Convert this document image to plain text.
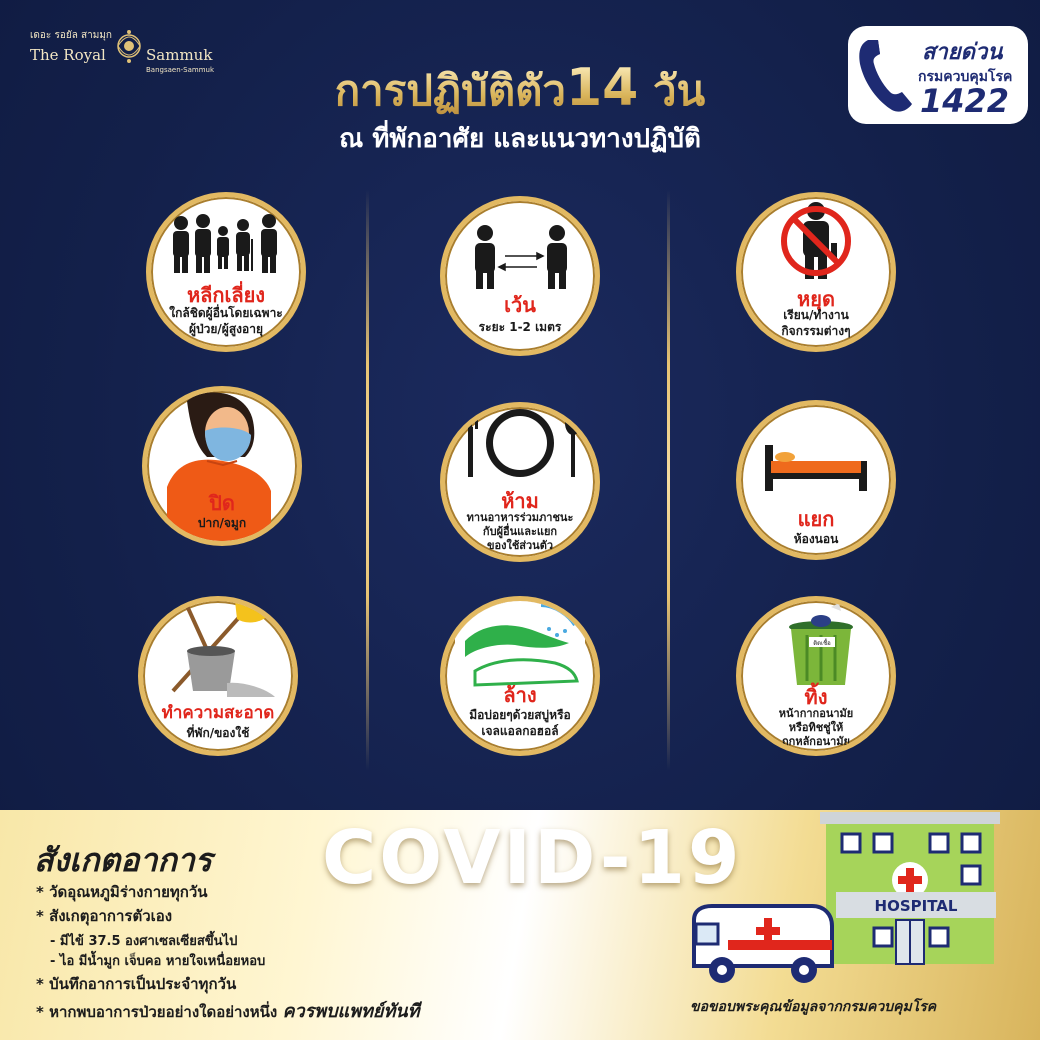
เดอะ รอยัล สามมุก
The Royal	Sammuk
Bangsaen-Sammuk	การปฏิบัติตัว14 วัน
ณ ที่พักอาศัย และแนวทางปฏิบัติ
สายด่วน
กรมควบคุมโรค
1422
หลีกเลี่ยง
ใกล้ชิดผู้อื่นโดยเฉพาะ
ผู้ป่วย/ผู้สูงอายุ
เว้น
ระยะ 1-2 เมตร
หยุด
เรียน/ทำงาน
กิจกรรมต่างๆ
ปิด
ปาก/จมูก
ห้าม
ทานอาหารร่วมภาชนะ
กับผู้อื่นและแยก
ของใช้ส่วนตัว
แยก
ห้องนอน
ทำความสะอาด
ที่พัก/ของใช้
ล้าง
มือบ่อยๆด้วยสบู่หรือ
เจลแอลกอฮอล์
ติดเชื้อ
ทิ้ง
หน้ากากอนามัย
หรือทิชชู่ให้
ถูกหลักอนามัย
สังเกตอาการ
* วัดอุณหภูมิร่างกายทุกวัน
* สังเกตุอาการตัวเอง
- มีไข้ 37.5 องศาเซลเซียสขึ้นไป
- ไอ มีน้ำมูก เจ็บคอ หายใจเหนื่อยหอบ
* บันทึกอาการเป็นประจำทุกวัน
* หากพบอาการป่วยอย่างใดอย่างหนึ่ง ควรพบแพทย์ทันที
COVID-19
HOSPITAL
ขอขอบพระคุณข้อมูลจากกรมควบคุมโรค
